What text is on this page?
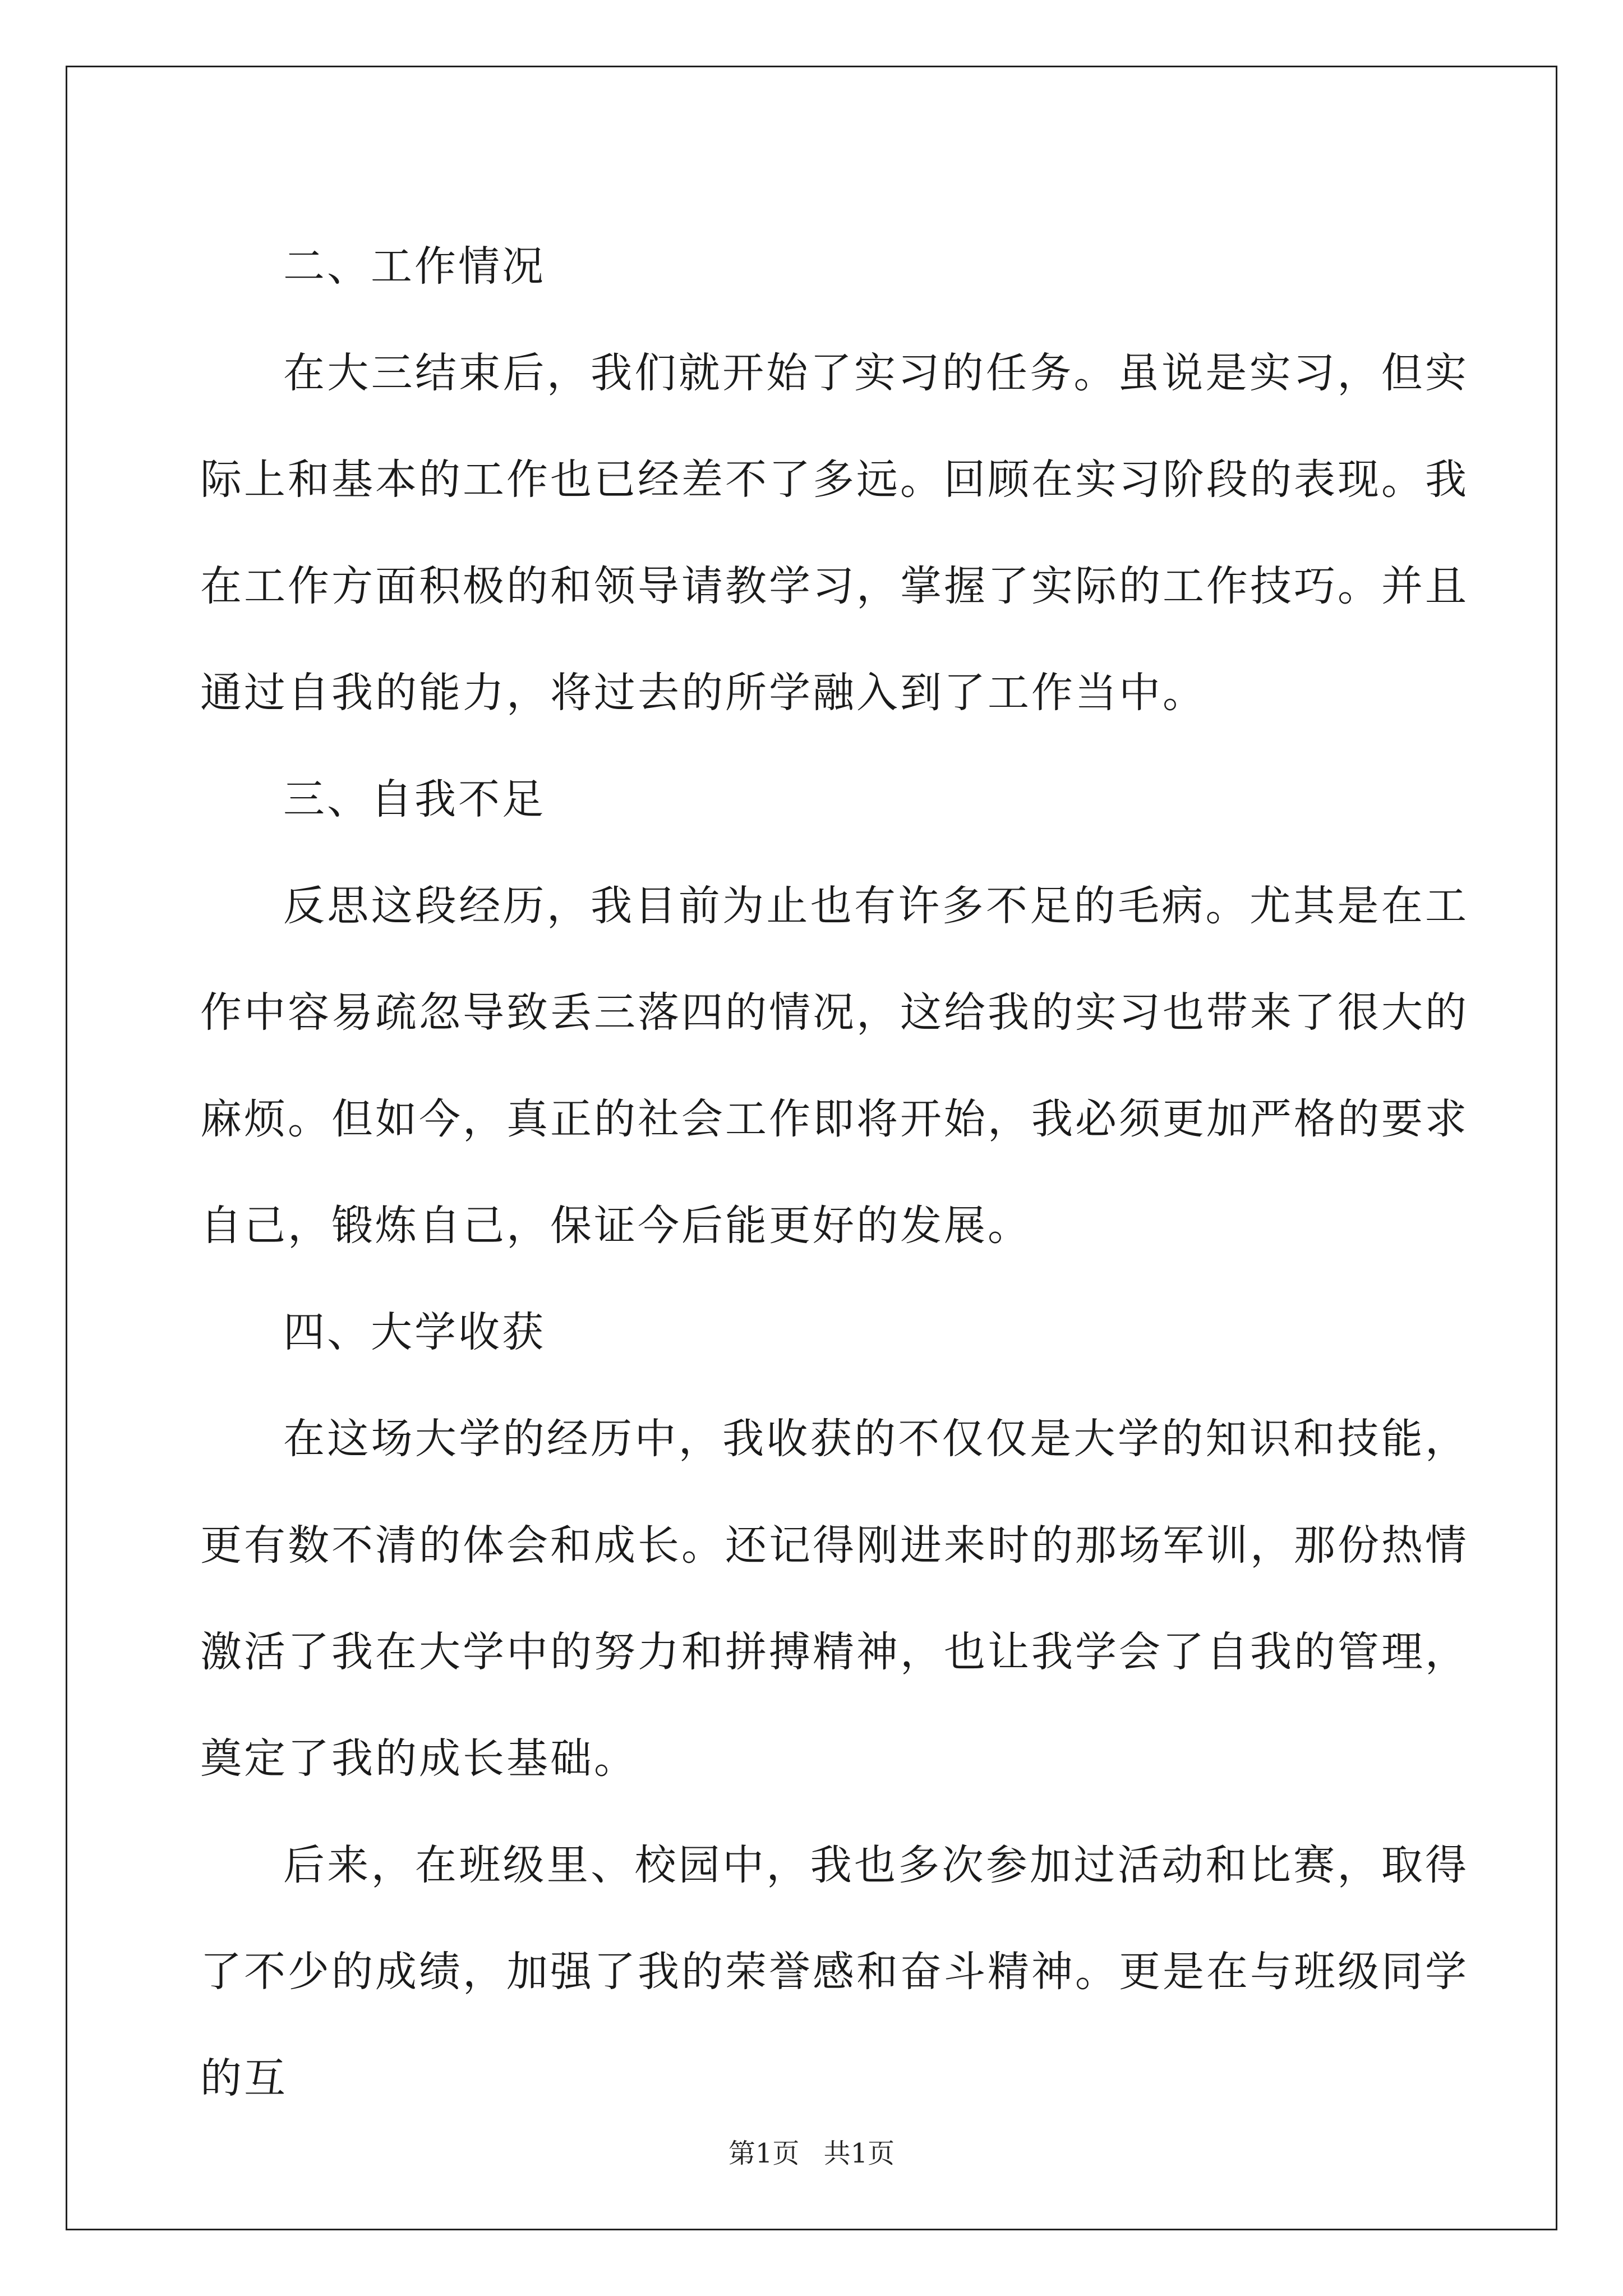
二、工作情况

在大三结束后，我们就开始了实习的任务。虽说是实习，但实际上和基本的工作也已经差不了多远。回顾在实习阶段的表现。我在工作方面积极的和领导请教学习，掌握了实际的工作技巧。并且通过自我的能力，将过去的所学融入到了工作当中。

三、自我不足

反思这段经历，我目前为止也有许多不足的毛病。尤其是在工作中容易疏忽导致丢三落四的情况，这给我的实习也带来了很大的麻烦。但如今，真正的社会工作即将开始，我必须更加严格的要求自己，锻炼自己，保证今后能更好的发展。

四、大学收获

在这场大学的经历中，我收获的不仅仅是大学的知识和技能，更有数不清的体会和成长。还记得刚进来时的那场军训，那份热情激活了我在大学中的努力和拼搏精神，也让我学会了自我的管理，奠定了我的成长基础。

后来，在班级里、校园中，我也多次参加过活动和比赛，取得了不少的成绩，加强了我的荣誉感和奋斗精神。更是在与班级同学的互

第1页 共1页
